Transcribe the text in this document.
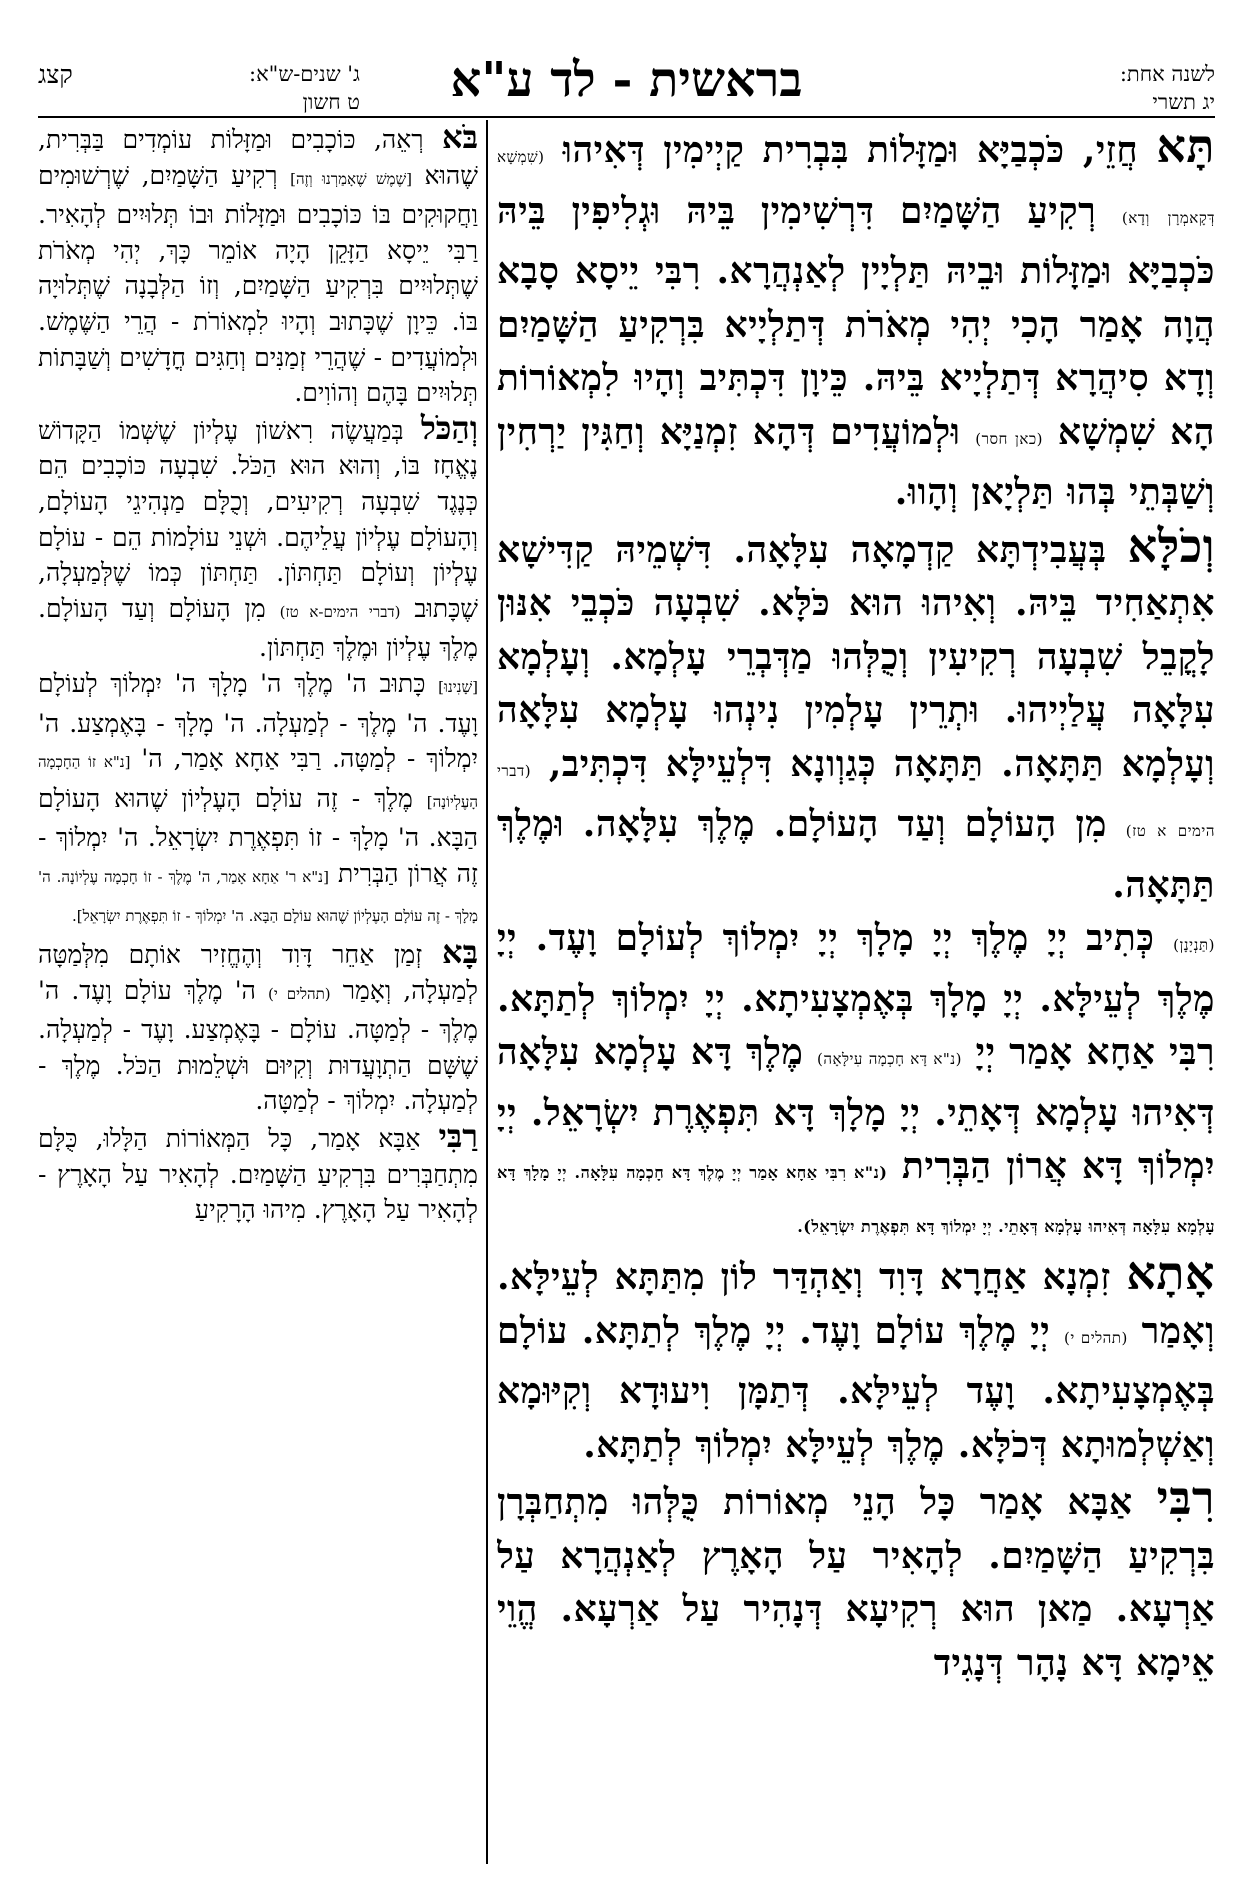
לשנה אחת:
יג תשרי
בראשית - לד ע"א
ג' שנים-ש"א:
ט חשון
קצג

תָּא חֲזֵי, כֹּכְבַיָּא וּמַזָּלוֹת בִּבְרִית קַיְימִין דְּאִיהוּ (שִׁמְשָׁא דְּקָאמְרָן וְדָא) רְקִיעַ הַשָּׁמַיִם דִּרְשִׁימִין בֵּיהּ וּגְלִיפִין בֵּיהּ כֹּכְבַיָּא וּמַזָּלוֹת וּבֵיהּ תַּלְיָין לְאַנְהֲרָא. רִבִּי יֵיסָא סָבָא הֲוָה אָמַר הָכִי יְהִי מְאֹרֹת דְּתַלְיָיא בִּרְקִיעַ הַשָּׁמַיִם וְדָא סִיהֲרָא דְּתַלְיָיא בֵּיהּ. כֵּיוָן דִּכְתִּיב וְהָיוּ לִמְאוֹרוֹת הָא שִׁמְשָׁא (כאן חסר) וּלְמוֹעֲדִים דְּהָא זִמְנַיָּא וְחַגִּין יַרְחִין וְשַׁבְּתֵי בְּהוּ תַּלְיָאן וְהָווּ.

וְכֹלָּא בְּעֲבִידְתָּא קַדְמָאָה עִלָּאָה. דִּשְׁמֵיהּ קַדִּישָׁא אִתְאַחִיד בֵּיהּ. וְאִיהוּ הוּא כֹּלָּא. שִׁבְעָה כֹּכְבֵי אִנּוּן לָקֳבֵל שִׁבְעָה רְקִיעִין וְכֻלְּהוּ מַדְּבְרֵי עָלְמָא. וְעָלְמָא עִלָּאָה עֲלַיְיהוּ. וּתְרֵין עָלְמִין נִינְהוּ עָלְמָא עִלָּאָה וְעָלְמָא תַּתָּאָה. תַּתָּאָה כְּגַוְונָא דִּלְעֵילָּא דִּכְתִּיב, (דברי הימים א טז) מִן הָעוֹלָם וְעַד הָעוֹלָם. מֶלֶךְ עִלָּאָה. וּמֶלֶךְ תַּתָּאָה.

(תַּנְיָנָן) כְּתִיב יְיָ מֶלֶךְ יְיָ מָלָךְ יְיָ יִמְלוֹךְ לְעוֹלָם וָעֶד. יְיָ מֶלֶךְ לְעֵילָּא. יְיָ מָלָךְ בְּאֶמְצָעִיתָא. יְיָ יִמְלוֹךְ לְתַתָּא. רִבִּי אַחָא אָמַר יְיָ (נ"א דָּא חָכְמָה עִילָּאָה) מֶלֶךְ דָּא עָלְמָא עִלָּאָה דְּאִיהוּ עָלְמָא דְּאָתֵי. יְיָ מָלָךְ דָּא תִּפְאֶרֶת יִשְׂרָאֵל. יְיָ יִמְלוֹךְ דָּא אֲרוֹן הַבְּרִית (נ"א רִבִּי אַחָא אָמַר יְיָ מֶלֶךְ דָּא חָכְמָה עִלָּאָה. יְיָ מָלָךְ דָּא עָלְמָא עִלָּאָה דְּאִיהוּ עָלְמָא דְּאָתֵי. יְיָ יִמְלוֹךְ דָּא תִּפְאֶרֶת יִשְׂרָאֵל).

אָתָא זִמְנָא אַחֲרָא דָּוִד וְאַהְדַּר לוֹן מִתַּתָּא לְעֵילָּא. וְאָמַר (תהלים י) יְיָ מֶלֶךְ עוֹלָם וָעֶד. יְיָ מֶלֶךְ לְתַתָּא. עוֹלָם בְּאֶמְצָעִיתָא. וָעֶד לְעֵילָּא. דְּתַמָּן וִיעוּדָא וְקִיּוּמָא וְאַשְׁלְמוּתָא דְּכֹלָּא. מֶלֶךְ לְעֵילָּא יִמְלוֹךְ לְתַתָּא.

רִבִּי אַבָּא אָמַר כָּל הָנֵי מְאוֹרוֹת כֻּלְּהוּ מִתְחַבְּרָן בִּרְקִיעַ הַשָּׁמַיִם. לְהָאִיר עַל הָאָרֶץ לְאַנְהֲרָא עַל אַרְעָא. מַאן הוּא רְקִיעָא דְּנָהִיר עַל אַרְעָא. הֱוֵי אֵימָא דָּא נָהָר דְּנָגִיד

בֹּא רְאֵה, כּוֹכָבִים וּמַזָּלוֹת עוֹמְדִים בַּבְּרִית, שֶׁהוּא [שֶׁמֶשׁ שֶׁאָמַרְנוּ וְזֶה] רְקִיעַ הַשָּׁמַיִם, שֶׁרְשׁוּמִים וַחֲקוּקִים בּוֹ כּוֹכָבִים וּמַזָּלוֹת וּבוֹ תְּלוּיִים לְהָאִיר. רַבִּי יֵיסָא הַזָּקֵן הָיָה אוֹמֵר כָּךְ, יְהִי מְאֹרֹת שֶׁתְּלוּיִים בִּרְקִיעַ הַשָּׁמַיִם, וְזוֹ הַלְּבָנָה שֶׁתְּלוּיָה בּוֹ. כֵּיוָן שֶׁכָּתוּב וְהָיוּ לִמְאוֹרֹת - הֲרֵי הַשֶּׁמֶשׁ. וּלְמוֹעֲדִים - שֶׁהֲרֵי זְמַנִּים וְחַגִּים חֳדָשִׁים וְשַׁבָּתוֹת תְּלוּיִים בָּהֶם וְהוֹוִים.

וְהַכֹּל בְּמַעֲשֶׂה רִאשׁוֹן עֶלְיוֹן שֶׁשְּׁמוֹ הַקָּדוֹשׁ נֶאֱחָז בּוֹ, וְהוּא הוּא הַכֹּל. שִׁבְעָה כּוֹכָבִים הֵם כְּנֶגֶד שִׁבְעָה רְקִיעִים, וְכֻלָּם מַנְהִיגֵי הָעוֹלָם, וְהָעוֹלָם עֶלְיוֹן עֲלֵיהֶם. וּשְׁנֵי עוֹלָמוֹת הֵם - עוֹלָם עֶלְיוֹן וְעוֹלָם תַּחְתּוֹן. תַּחְתּוֹן כְּמוֹ שֶׁלְּמַעְלָה, שֶׁכָּתוּב (דברי הימים-א טז) מִן הָעוֹלָם וְעַד הָעוֹלָם. מֶלֶךְ עֶלְיוֹן וּמֶלֶךְ תַּחְתּוֹן.

[שָׁנִינוּ] כָּתוּב ה' מֶלֶךְ ה' מָלָךְ ה' יִמְלוֹךְ לְעוֹלָם וָעֶד. ה' מֶלֶךְ - לְמַעְלָה. ה' מָלָךְ - בָּאֶמְצַע. ה' יִמְלוֹךְ - לְמַטָּה. רַבִּי אַחָא אָמַר, ה' [נ"א זוֹ הַחָכְמָה הָעֶלְיוֹנָה] מֶלֶךְ - זֶה עוֹלָם הָעֶלְיוֹן שֶׁהוּא הָעוֹלָם הַבָּא. ה' מָלָךְ - זוֹ תִּפְאֶרֶת יִשְׂרָאֵל. ה' יִמְלוֹךְ - זֶה אֲרוֹן הַבְּרִית [נ"א ר' אַחָא אָמַר, ה' מֶלֶךְ - זוֹ חָכְמָה עֶלְיוֹנָה. ה' מָלָךְ - זֶה עוֹלָם הָעֶלְיוֹן שֶׁהוּא עוֹלָם הַבָּא. ה' יִמְלוֹךְ - זוֹ תִּפְאֶרֶת יִשְׂרָאֵל].

בָּא זְמַן אַחֵר דָּוִד וְהֶחֱזִיר אוֹתָם מִלְּמַטָּה לְמַעְלָה, וְאָמַר (תהלים י) ה' מֶלֶךְ עוֹלָם וָעֶד. ה' מֶלֶךְ - לְמַטָּה. עוֹלָם - בָּאֶמְצַע. וָעֶד - לְמַעְלָה. שֶׁשָּׁם הַתְוָעֲדוּת וְקִיּוּם וּשְׁלֵמוּת הַכֹּל. מֶלֶךְ - לְמַעְלָה. יִמְלוֹךְ - לְמַטָּה.

רַבִּי אַבָּא אָמַר, כָּל הַמְּאוֹרוֹת הַלָּלוּ, כֻּלָּם מִתְחַבְּרִים בִּרְקִיעַ הַשָּׁמַיִם. לְהָאִיר עַל הָאָרֶץ - לְהָאִיר עַל הָאָרֶץ. מִיהוּ הָרָקִיעַ
